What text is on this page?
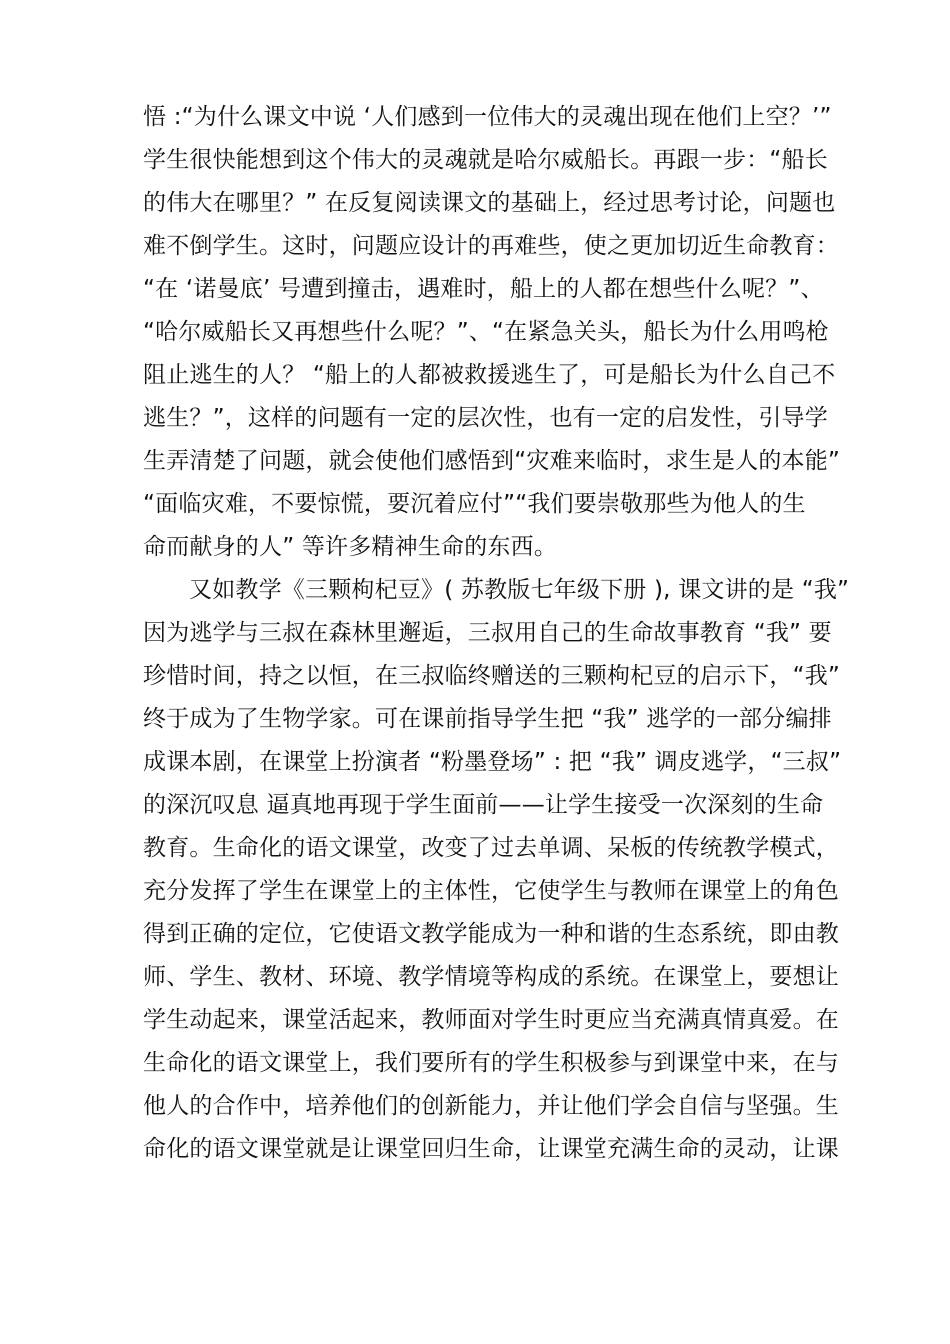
悟 :“为什么课文中说 ‘人们感到一位伟大的灵魂出现在他们上空？’”
学生很快能想到这个伟大的灵魂就是哈尔威船长。再跟一步：“船长
的伟大在哪里？” 在反复阅读课文的基础上，经过思考讨论，问题也
难不倒学生。这时，问题应设计的再难些，使之更加切近生命教育：
“在 ‘诺曼底’ 号遭到撞击，遇难时，船上的人都在想些什么呢？”、
“哈尔威船长又再想些什么呢？”、“在紧急关头，船长为什么用鸣枪
阻止逃生的人？ “船上的人都被救援逃生了，可是船长为什么自己不
逃生？”，这样的问题有一定的层次性，也有一定的启发性，引导学
生弄清楚了问题，就会使他们感悟到“灾难来临时，求生是人的本能”
“面临灾难，不要惊慌，要沉着应付”“我们要崇敬那些为他人的生
命而献身的人” 等许多精神生命的东西。
又如教学《三颗枸杞豆》( 苏教版七年级下册 ), 课文讲的是 “我”
因为逃学与三叔在森林里邂逅，三叔用自己的生命故事教育 “我” 要
珍惜时间，持之以恒，在三叔临终赠送的三颗枸杞豆的启示下，“我”
终于成为了生物学家。可在课前指导学生把 “我” 逃学的一部分编排
成课本剧，在课堂上扮演者 “粉墨登场” : 把 “我” 调皮逃学，“三叔”
的深沉叹息 逼真地再现于学生面前——让学生接受一次深刻的生命
教育。生命化的语文课堂，改变了过去单调、呆板的传统教学模式，
充分发挥了学生在课堂上的主体性，它使学生与教师在课堂上的角色
得到正确的定位，它使语文教学能成为一种和谐的生态系统，即由教
师、学生、教材、环境、教学情境等构成的系统。在课堂上，要想让
学生动起来，课堂活起来，教师面对学生时更应当充满真情真爱。在
生命化的语文课堂上，我们要所有的学生积极参与到课堂中来，在与
他人的合作中，培养他们的创新能力，并让他们学会自信与坚强。生
命化的语文课堂就是让课堂回归生命，让课堂充满生命的灵动，让课
